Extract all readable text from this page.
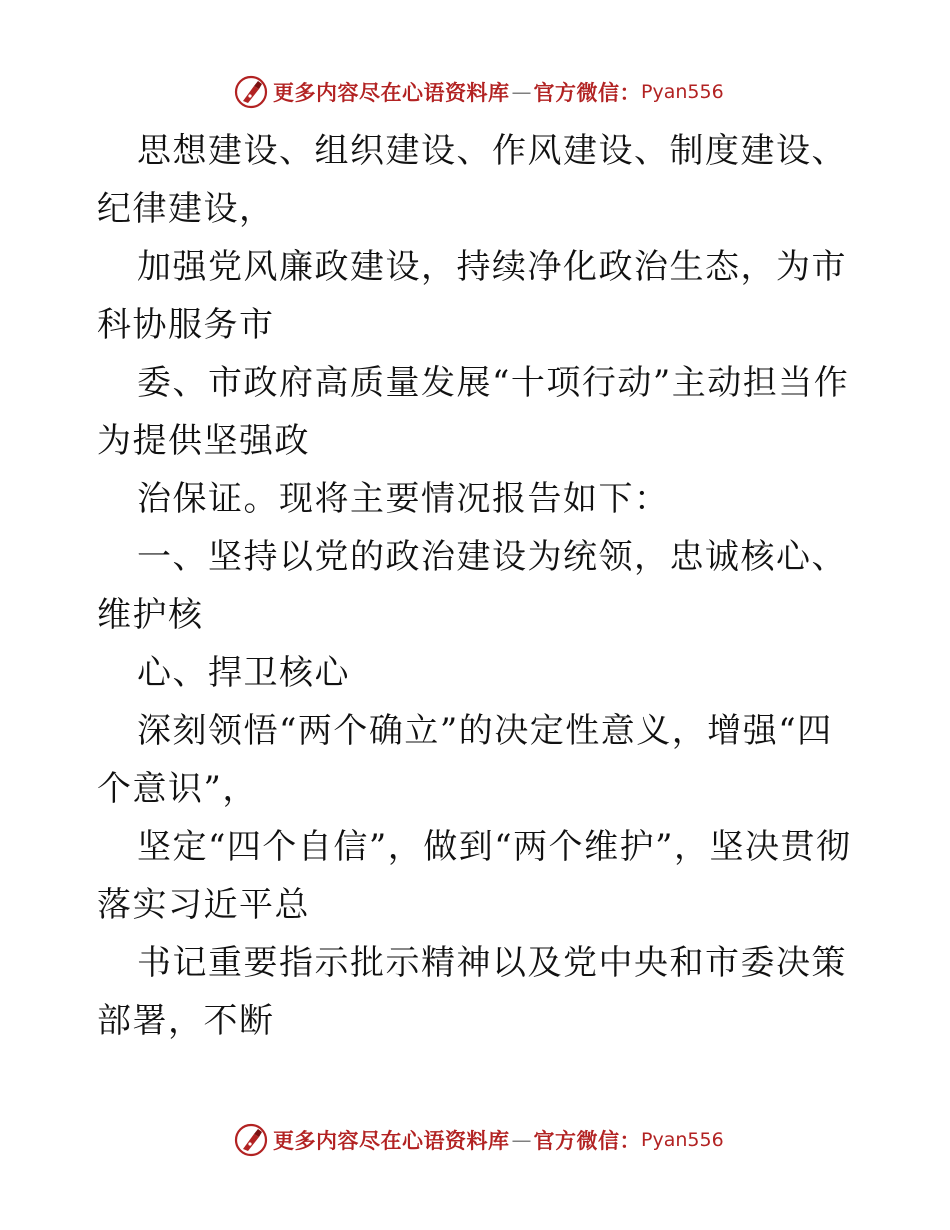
更多内容尽在心语资料库 — 官方微信： Pyan556

思想建设、组织建设、作风建设、制度建设、纪律建设，

加强党风廉政建设，持续净化政治生态，为市科协服务市

委、市政府高质量发展“十项行动”主动担当作为提供坚强政

治保证。现将主要情况报告如下：

一、坚持以党的政治建设为统领，忠诚核心、维护核

心、捍卫核心

深刻领悟“两个确立”的决定性意义，增强“四个意识”，

坚定“四个自信”，做到“两个维护”，坚决贯彻落实习近平总

书记重要指示批示精神以及党中央和市委决策部署，不断

更多内容尽在心语资料库 — 官方微信： Pyan556
